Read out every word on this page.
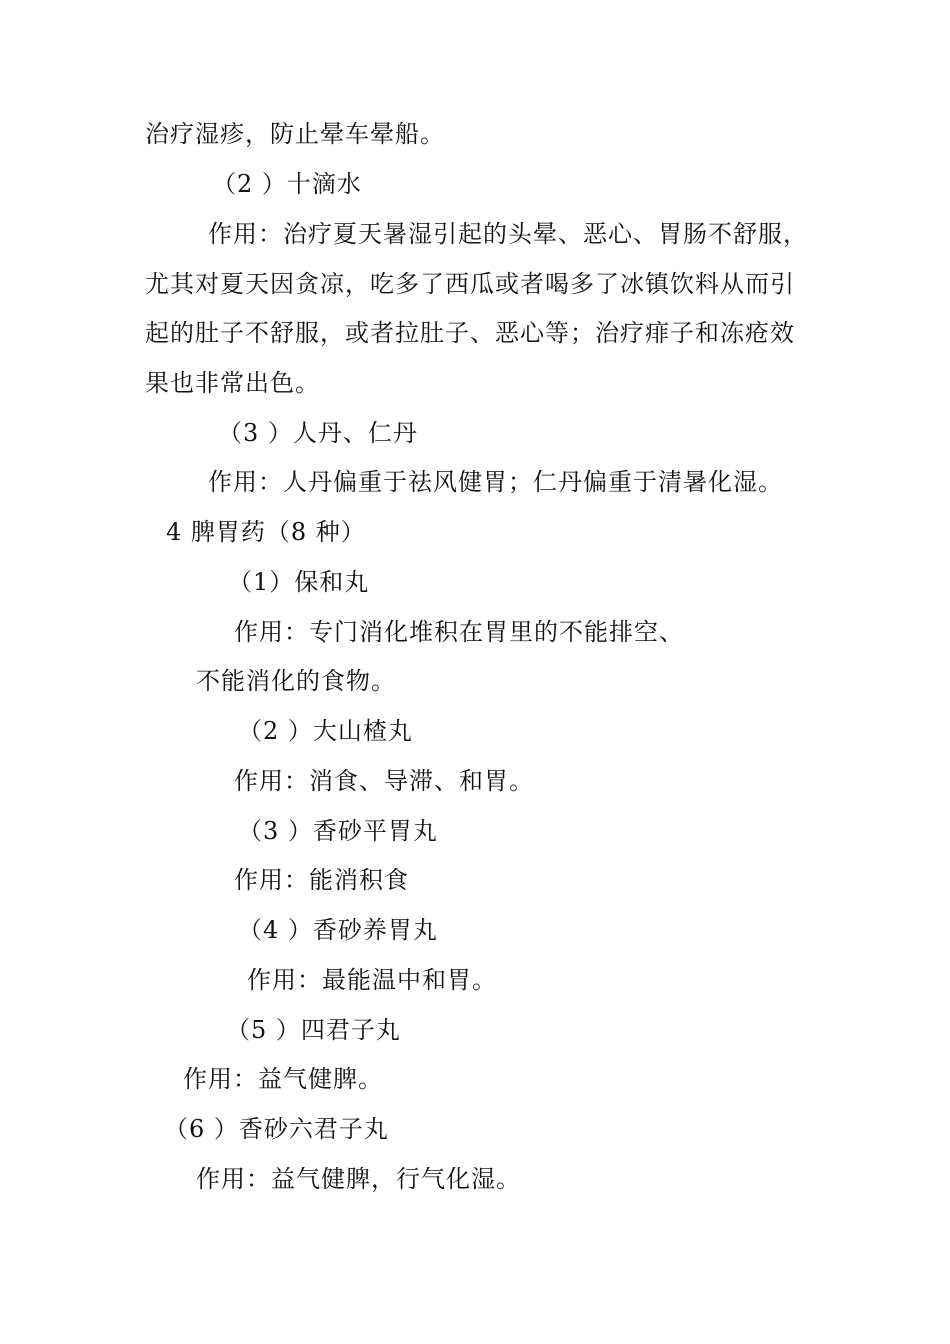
治疗湿疹，防止晕车晕船。
（2 ）十滴水
作用：治疗夏天暑湿引起的头晕、恶心、胃肠不舒服，
尤其对夏天因贪凉，吃多了西瓜或者喝多了冰镇饮料从而引
起的肚子不舒服，或者拉肚子、恶心等；治疗痱子和冻疮效
果也非常出色。
（3 ）人丹、仁丹
作用：人丹偏重于祛风健胃；仁丹偏重于清暑化湿。
4 脾胃药（8 种）
（1）保和丸
作用：专门消化堆积在胃里的不能排空、
不能消化的食物。
（2 ）大山楂丸
作用：消食、导滞、和胃。
（3 ）香砂平胃丸
作用：能消积食
（4 ）香砂养胃丸
作用：最能温中和胃。
（5 ）四君子丸
作用：益气健脾。
（6 ）香砂六君子丸
作用：益气健脾，行气化湿。
